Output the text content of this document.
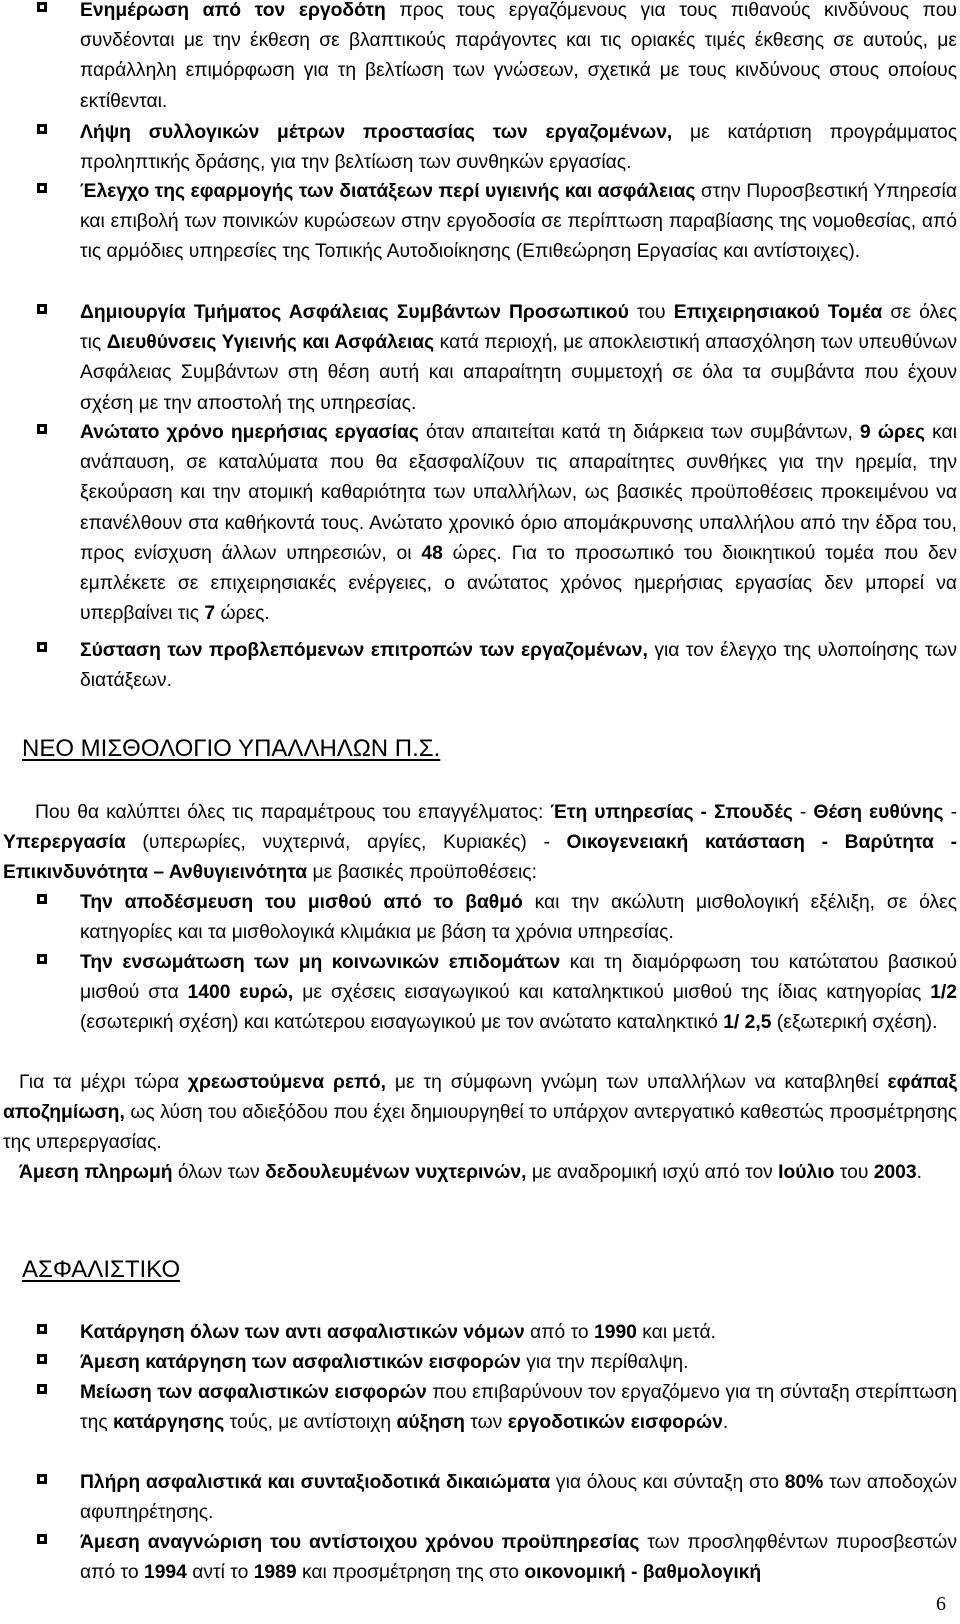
Ενημέρωση από τον εργοδότη προς τους εργαζόμενους για τους πιθανούς κινδύνους που συνδέονται με την έκθεση σε βλαπτικούς παράγοντες και τις οριακές τιμές έκθεσης σε αυτούς, με παράλληλη επιμόρφωση για τη βελτίωση των γνώσεων, σχετικά με τους κινδύνους στους οποίους εκτίθενται.
Λήψη συλλογικών μέτρων προστασίας των εργαζομένων, με κατάρτιση προγράμματος προληπτικής δράσης, για την βελτίωση των συνθηκών εργασίας.
Έλεγχο της εφαρμογής των διατάξεων περί υγιεινής και ασφάλειας στην Πυροσβεστική Υπηρεσία και επιβολή των ποινικών κυρώσεων στην εργοδοσία σε περίπτωση παραβίασης της νομοθεσίας, από τις αρμόδιες υπηρεσίες της Τοπικής Αυτοδιοίκησης (Επιθεώρηση Εργασίας και αντίστοιχες).
Δημιουργία Τμήματος Ασφάλειας Συμβάντων Προσωπικού του Επιχειρησιακού Τομέα σε όλες τις Διευθύνσεις Υγιεινής και Ασφάλειας κατά περιοχή, με αποκλειστική απασχόληση των υπευθύνων Ασφάλειας Συμβάντων στη θέση αυτή και απαραίτητη συμμετοχή σε όλα τα συμβάντα που έχουν σχέση με την αποστολή της υπηρεσίας.
Ανώτατο χρόνο ημερήσιας εργασίας όταν απαιτείται κατά τη διάρκεια των συμβάντων, 9 ώρες και ανάπαυση, σε καταλύματα που θα εξασφαλίζουν τις απαραίτητες συνθήκες για την ηρεμία, την ξεκούραση και την ατομική καθαριότητα των υπαλλήλων, ως βασικές προϋποθέσεις προκειμένου να επανέλθουν στα καθήκοντά τους. Ανώτατο χρονικό όριο απομάκρυνσης υπαλλήλου από την έδρα του, προς ενίσχυση άλλων υπηρεσιών, οι 48 ώρες. Για το προσωπικό του διοικητικού τομέα που δεν εμπλέκετε σε επιχειρησιακές ενέργειες, ο ανώτατος χρόνος ημερήσιας εργασίας δεν μπορεί να υπερβαίνει τις 7 ώρες.
Σύσταση των προβλεπόμενων επιτροπών των εργαζομένων, για τον έλεγχο της υλοποίησης των διατάξεων.
ΝΕΟ ΜΙΣΘΟΛΟΓΙΟ ΥΠΑΛΛΗΛΩΝ Π.Σ.
Που θα καλύπτει όλες τις παραμέτρους του επαγγέλματος: Έτη υπηρεσίας - Σπουδές - Θέση ευθύνης - Υπερεργασία (υπερωρίες, νυχτερινά, αργίες, Κυριακές) - Οικογενειακή κατάσταση - Βαρύτητα - Επικινδυνότητα – Ανθυγιεινότητα με βασικές προϋποθέσεις:
Την αποδέσμευση του μισθού από το βαθμό και την ακώλυτη μισθολογική εξέλιξη, σε όλες κατηγορίες και τα μισθολογικά κλιμάκια με βάση τα χρόνια υπηρεσίας.
Την ενσωμάτωση των μη κοινωνικών επιδομάτων και τη διαμόρφωση του κατώτατου βασικού μισθού στα 1400 ευρώ, με σχέσεις εισαγωγικού και καταληκτικού μισθού της ίδιας κατηγορίας 1/2 (εσωτερική σχέση) και κατώτερου εισαγωγικού με τον ανώτατο καταληκτικό 1/ 2,5 (εξωτερική σχέση).
Για τα μέχρι τώρα χρεωστούμενα ρεπό, με τη σύμφωνη γνώμη των υπαλλήλων να καταβληθεί εφάπαξ αποζημίωση, ως λύση του αδιεξόδου που έχει δημιουργηθεί το υπάρχον αντεργατικό καθεστώς προσμέτρησης της υπερεργασίας.
Άμεση πληρωμή όλων των δεδουλευμένων νυχτερινών, με αναδρομική ισχύ από τον Ιούλιο του 2003.
ΑΣΦΑΛΙΣΤΙΚΟ
Κατάργηση όλων των αντι ασφαλιστικών νόμων από το 1990 και μετά.
Άμεση κατάργηση των ασφαλιστικών εισφορών για την περίθαλψη.
Μείωση των ασφαλιστικών εισφορών που επιβαρύνουν τον εργαζόμενο για τη σύνταξη στερίπτωση της κατάργησης τούς, με αντίστοιχη αύξηση των εργοδοτικών εισφορών.
Πλήρη ασφαλιστικά και συνταξιοδοτικά δικαιώματα για όλους και σύνταξη στο 80% των αποδοχών αφυπηρέτησης.
Άμεση αναγνώριση του αντίστοιχου χρόνου προϋπηρεσίας των προσληφθέντων πυροσβεστών από το 1994 αντί το 1989 και προσμέτρηση της στο οικονομική - βαθμολογική
6
